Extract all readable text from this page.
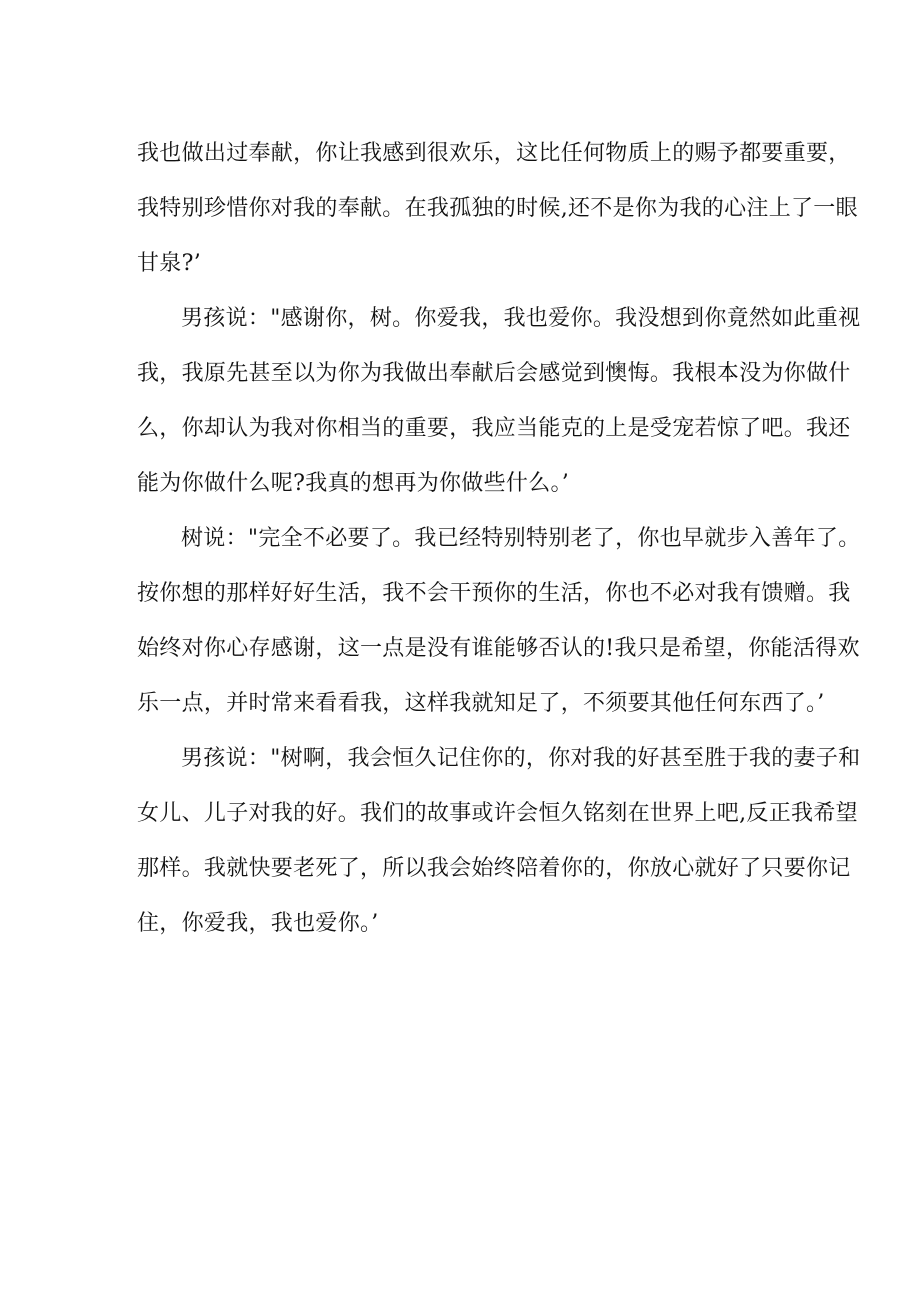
我也做出过奉献，你让我感到很欢乐，这比任何物质上的赐予都要重要，
我特别珍惜你对我的奉献。在我孤独的时候,还不是你为我的心注上了一眼
甘泉?’
男孩说："感谢你，树。你爱我，我也爱你。我没想到你竟然如此重视
我，我原先甚至以为你为我做出奉献后会感觉到懊悔。我根本没为你做什
么，你却认为我对你相当的重要，我应当能克的上是受宠若惊了吧。我还
能为你做什么呢?我真的想再为你做些什么。’
树说："完全不必要了。我已经特别特别老了，你也早就步入善年了。
按你想的那样好好生活，我不会干预你的生活，你也不必对我有馈赠。我
始终对你心存感谢，这一点是没有谁能够否认的!我只是希望，你能活得欢
乐一点，并时常来看看我，这样我就知足了，不须要其他任何东西了。’
男孩说："树啊，我会恒久记住你的，你对我的好甚至胜于我的妻子和
女儿、儿子对我的好。我们的故事或许会恒久铭刻在世界上吧,反正我希望
那样。我就快要老死了，所以我会始终陪着你的，你放心就好了只要你记
住，你爱我，我也爱你。’
